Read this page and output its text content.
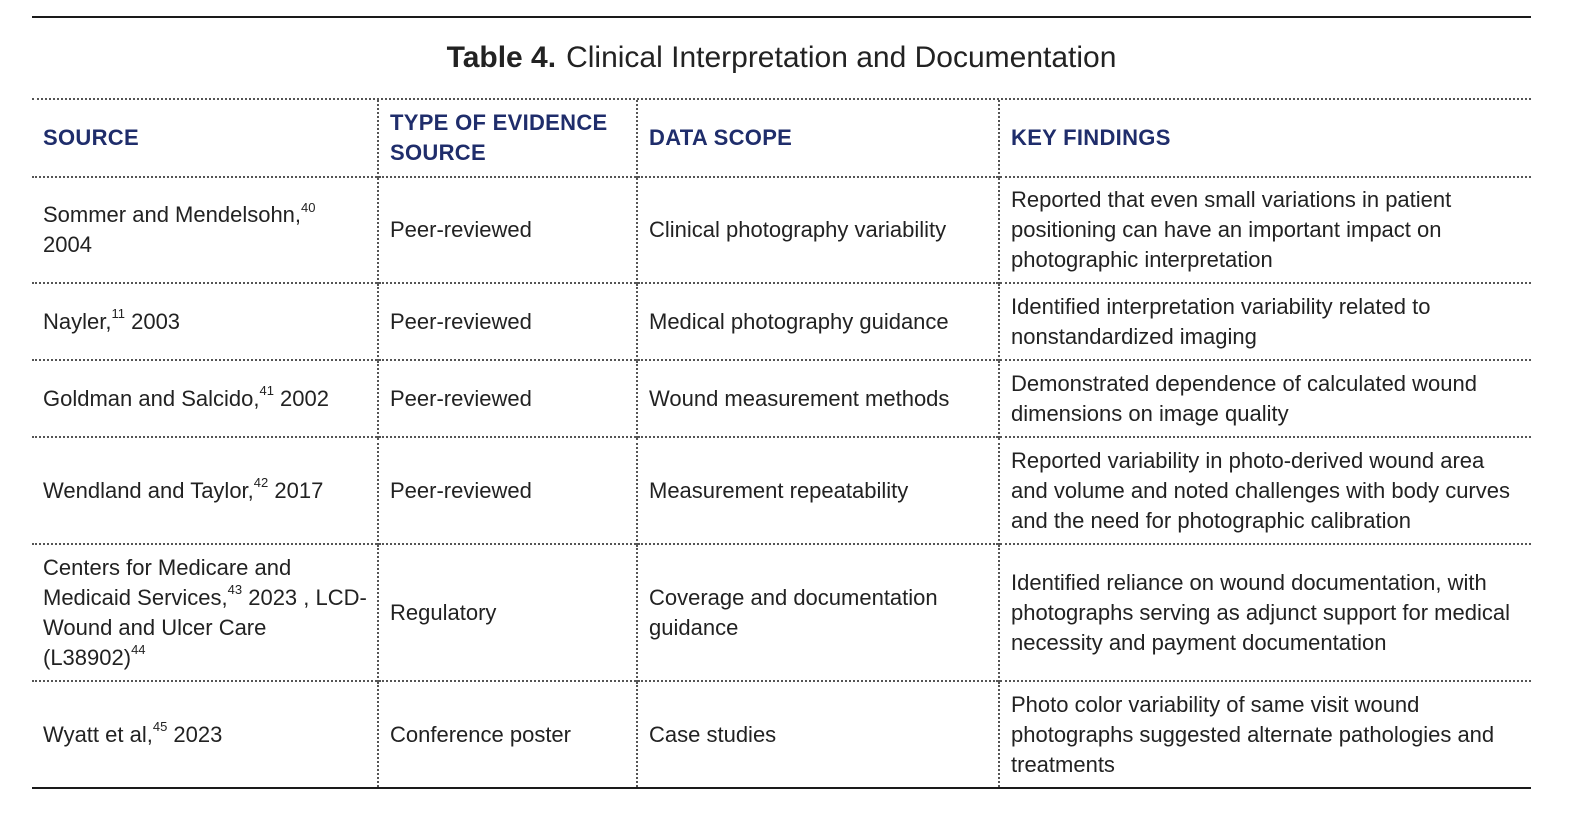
Table 4. Clinical Interpretation and Documentation
SOURCE	TYPE OF EVIDENCE SOURCE	DATA SCOPE	KEY FINDINGS
Sommer and Mendelsohn,$^{40}$ 2004	Peer-reviewed	Clinical photography variability	Reported that even small variations in patient positioning can have an important impact on photographic interpretation
Nayler,$^{11}$ 2003	Peer-reviewed	Medical photography guidance	Identified interpretation variability related to nonstandardized imaging
Goldman and Salcido,$^{41}$ 2002	Peer-reviewed	Wound measurement methods	Demonstrated dependence of calculated wound dimensions on image quality
Wendland and Taylor,$^{42}$ 2017	Peer-reviewed	Measurement repeatability	Reported variability in photo-derived wound area and volume and noted challenges with body curves and the need for photographic calibration
Centers for Medicare and Medicaid Services,$^{43}$ 2023 , LCD-Wound and Ulcer Care $(L38902)^{44}$	Regulatory	Coverage and documentation guidance	Identified reliance on wound documentation, with photographs serving as adjunct support for medical necessity and payment documentation
Wyatt et al,$^{45}$ 2023	Conference poster	Case studies	Photo color variability of same visit wound photographs suggested alternate pathologies and treatments
